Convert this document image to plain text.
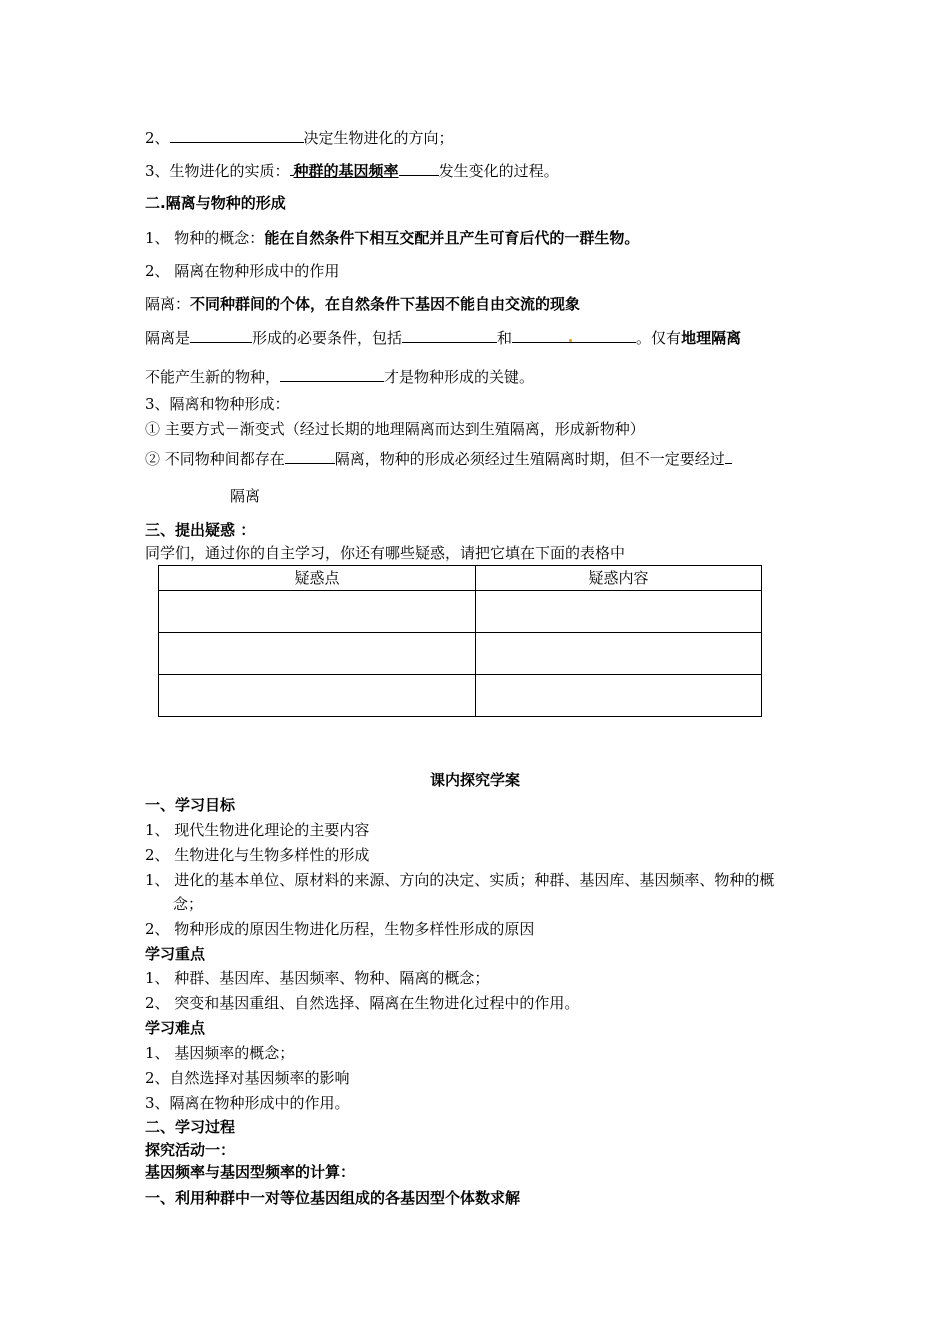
2、	决定生物进化的方向；
3、生物进化的实质： 种群的基因频率	发生变化的过程。
二.隔离与物种的形成
1、 物种的概念：能在自然条件下相互交配并且产生可育后代的一群生物。
2、 隔离在物种形成中的作用
隔离：不同种群间的个体，在自然条件下基因不能自由交流的现象
隔离是	形成的必要条件，包括	和	。仅有地理隔离
不能产生新的物种，	才是物种形成的关键。
3、隔离和物种形成：
① 主要方式－渐变式（经过长期的地理隔离而达到生殖隔离，形成新物种）
② 不同物种间都存在	隔离，物种的形成必须经过生殖隔离时期，但不一定要经过
隔离
三、提出疑惑 ：
同学们，通过你的自主学习，你还有哪些疑惑，请把它填在下面的表格中
疑惑点	疑惑内容

课内探究学案
一、学习目标
1、 现代生物进化理论的主要内容
2、 生物进化与生物多样性的形成
1、 进化的基本单位、原材料的来源、方向的决定、实质；种群、基因库、基因频率、物种的概
念；
2、 物种形成的原因生物进化历程，生物多样性形成的原因
学习重点
1、 种群、基因库、基因频率、物种、隔离的概念；
2、 突变和基因重组、自然选择、隔离在生物进化过程中的作用。
学习难点
1、 基因频率的概念；
2、自然选择对基因频率的影响
3、隔离在物种形成中的作用。
二、学习过程
探究活动一：
基因频率与基因型频率的计算：
一、利用种群中一对等位基因组成的各基因型个体数求解
